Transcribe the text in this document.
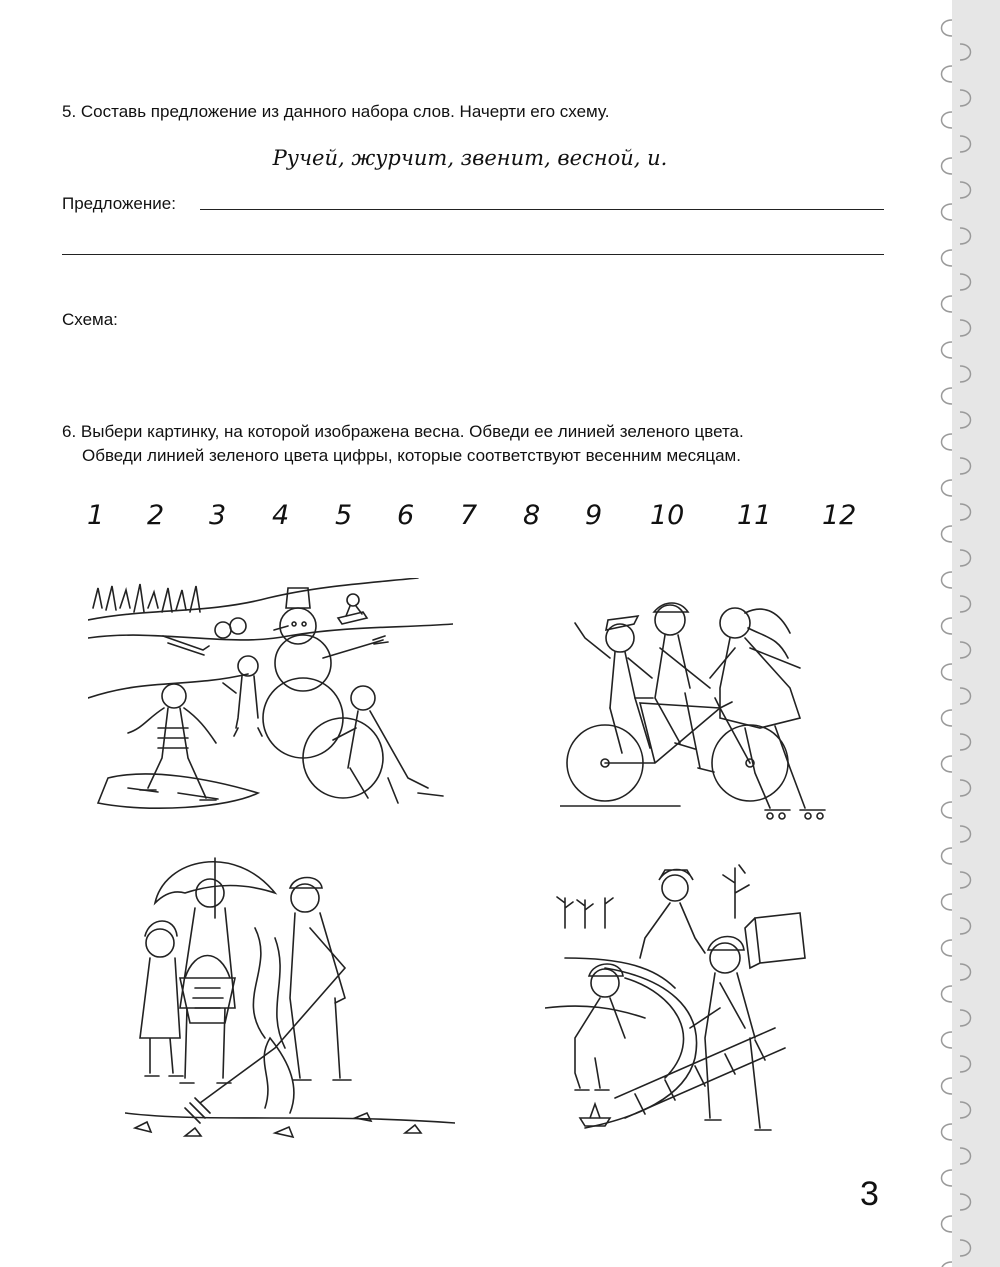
5. Составь предложение из данного набора слов. Начерти его схему.
Ручей, журчит, звенит, весной, и.
Предложение:
Схема:
6. Выбери картинку, на которой изображена весна. Обведи ее линией зеленого цвета.
Обведи линией зеленого цвета цифры, которые соответствуют весенним месяцам.
1 2 3 4 5 6 7 8 9 10 11 12
3
